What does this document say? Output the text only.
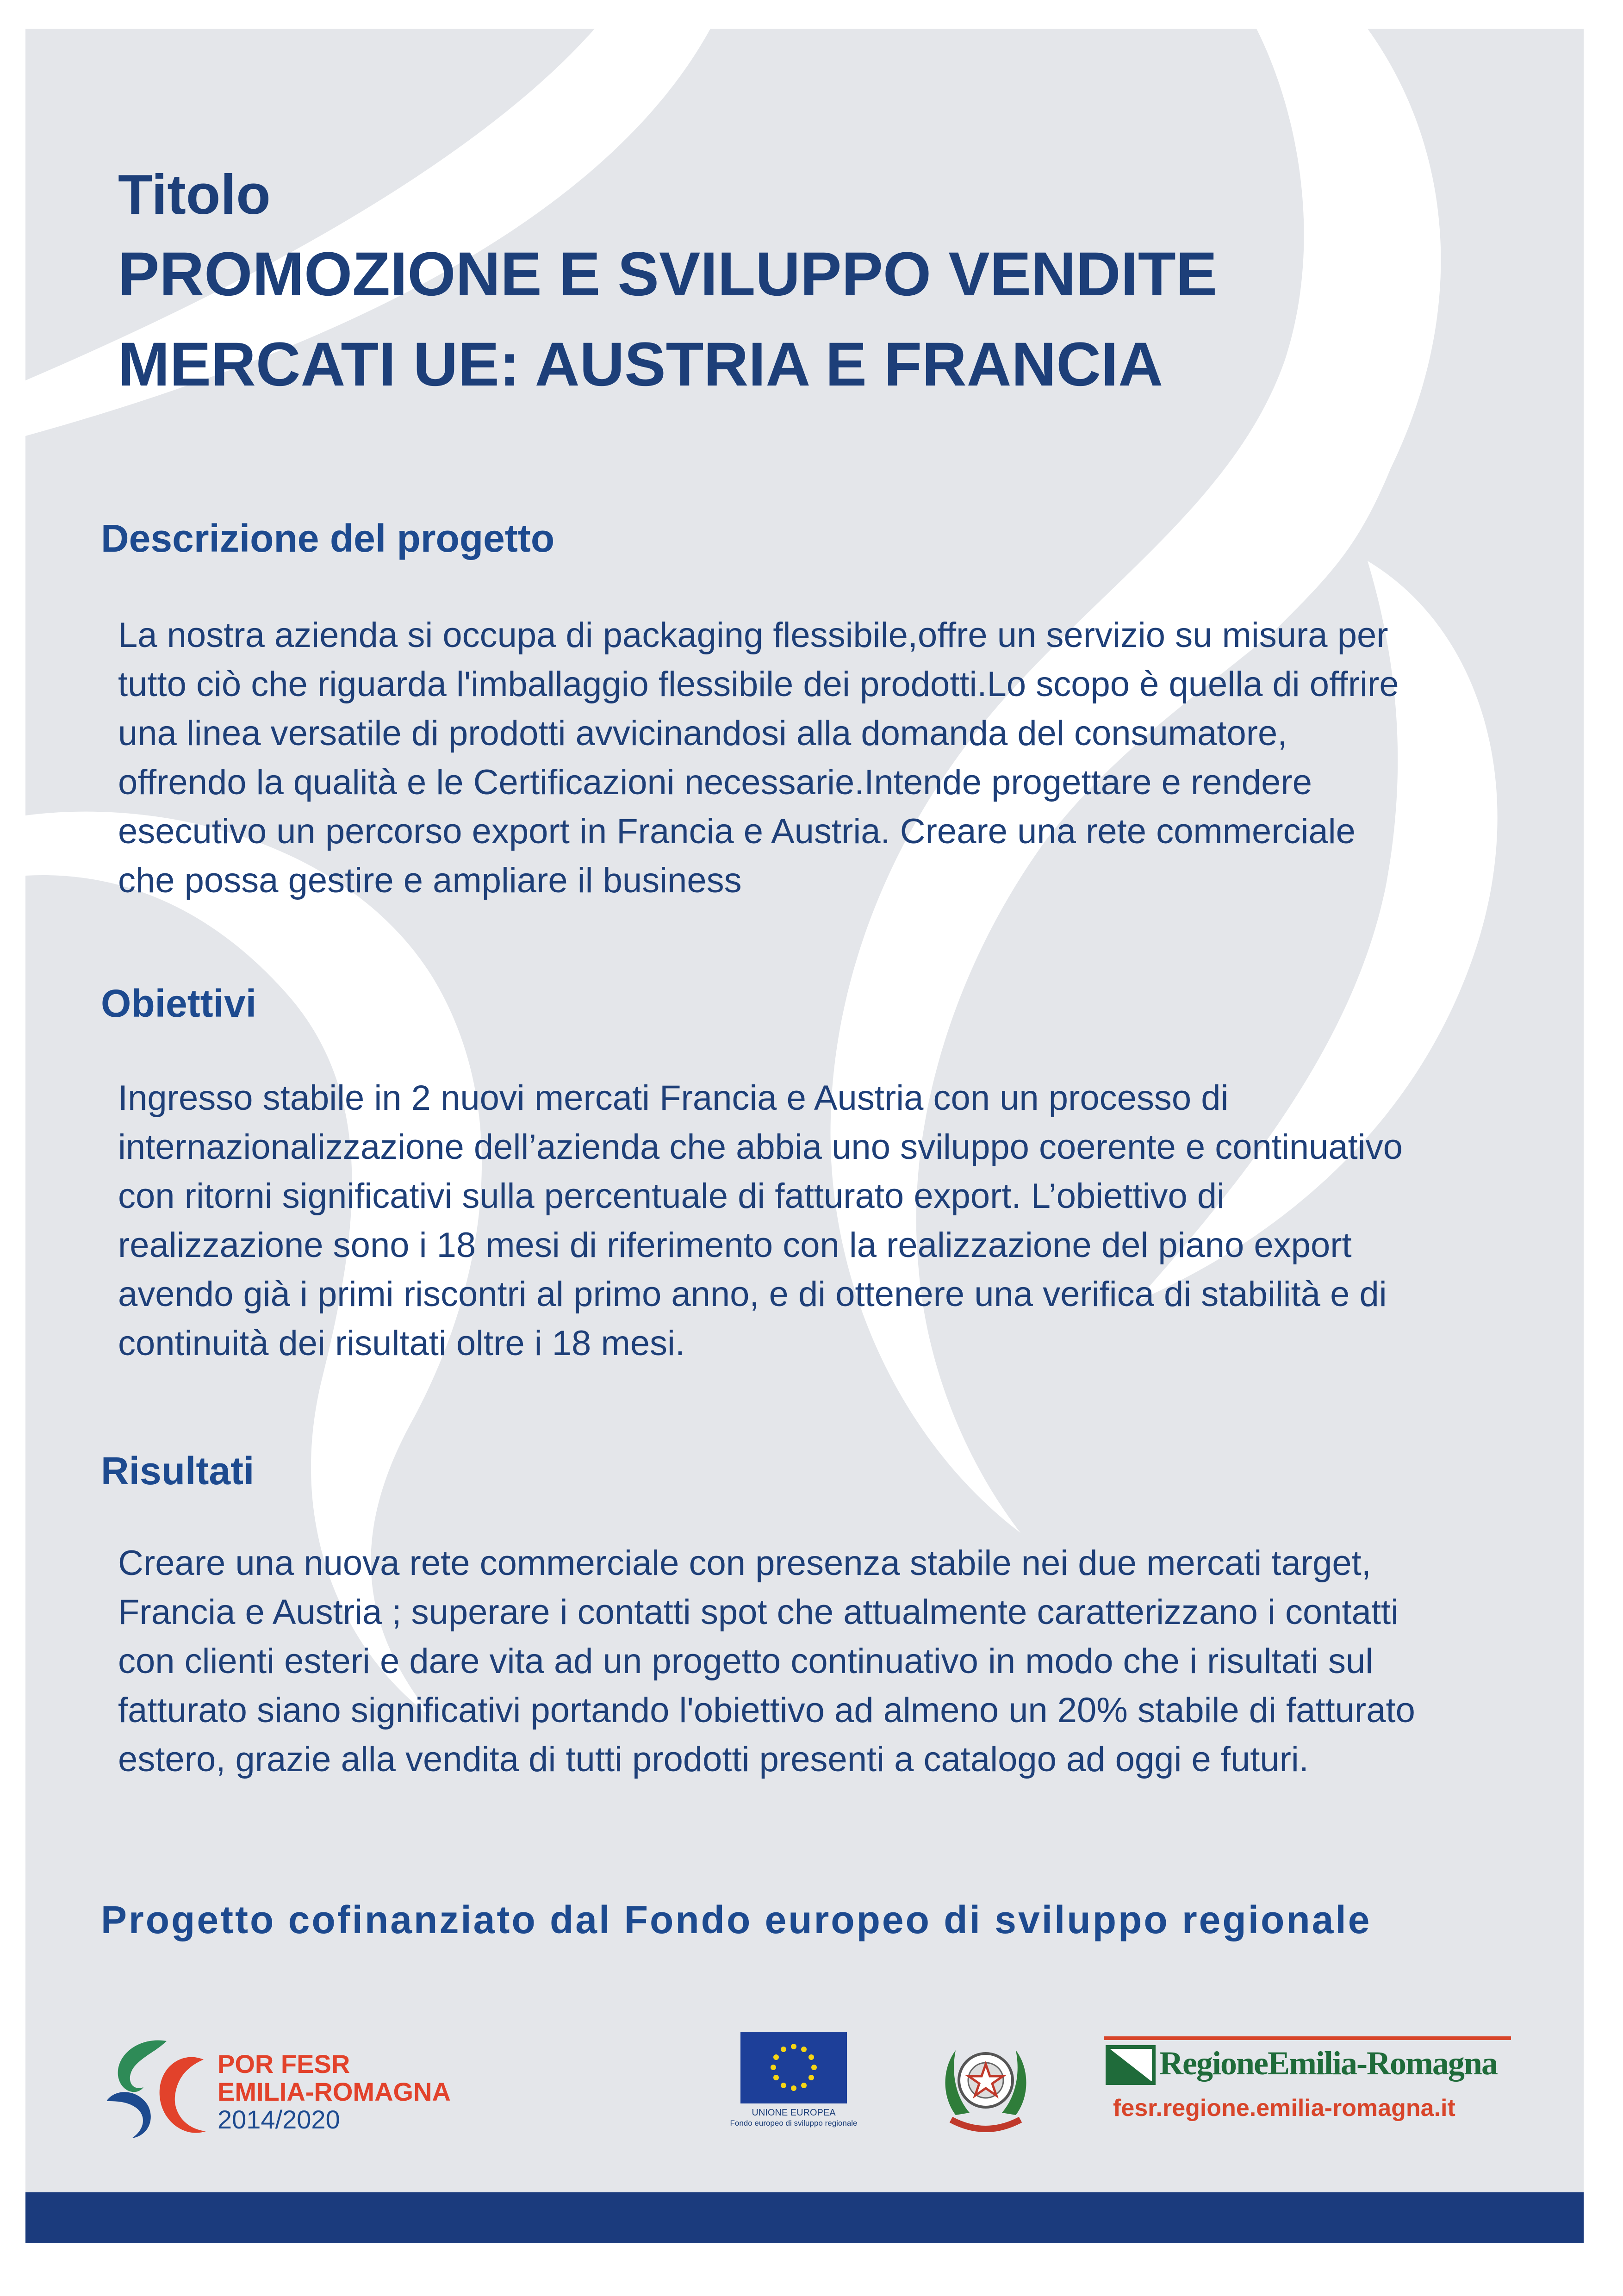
Titolo

PROMOZIONE E SVILUPPO VENDITE

MERCATI UE: AUSTRIA E FRANCIA

Descrizione del progetto
La nostra azienda si occupa di packaging flessibile,offre un servizio su misura per
tutto ciò che riguarda l'imballaggio flessibile dei prodotti.Lo scopo è quella di offrire
una linea versatile di prodotti avvicinandosi alla domanda del consumatore,
offrendo la qualità e le Certificazioni necessarie.Intende progettare e rendere
esecutivo un percorso export in Francia e Austria. Creare una rete commerciale
che possa gestire e ampliare il business
Obiettivi
Ingresso stabile in 2 nuovi mercati Francia e Austria con un processo di
internazionalizzazione dell’azienda che abbia uno sviluppo coerente e continuativo
con ritorni significativi sulla percentuale di fatturato export. L’obiettivo di
realizzazione sono i 18 mesi di riferimento con la realizzazione del piano export
avendo già i primi riscontri al primo anno, e di ottenere una verifica di stabilità e di
continuità dei risultati oltre i 18 mesi.
Risultati
Creare una nuova rete commerciale con presenza stabile nei due mercati target,
Francia e Austria ; superare i contatti spot che attualmente caratterizzano i contatti
con clienti esteri e dare vita ad un progetto continuativo in modo che i risultati sul
fatturato siano significativi portando l'obiettivo ad almeno un 20% stabile di fatturato
estero, grazie alla vendita di tutti prodotti presenti a catalogo ad oggi e futuri.

Progetto cofinanziato dal Fondo europeo di sviluppo regionale

POR FESR
EMILIA-ROMAGNA
2014/2020	UNIONE EUROPEA
Fondo europeo di sviluppo regionale
RegioneEmilia-Romagna
fesr.regione.emilia-romagna.it
